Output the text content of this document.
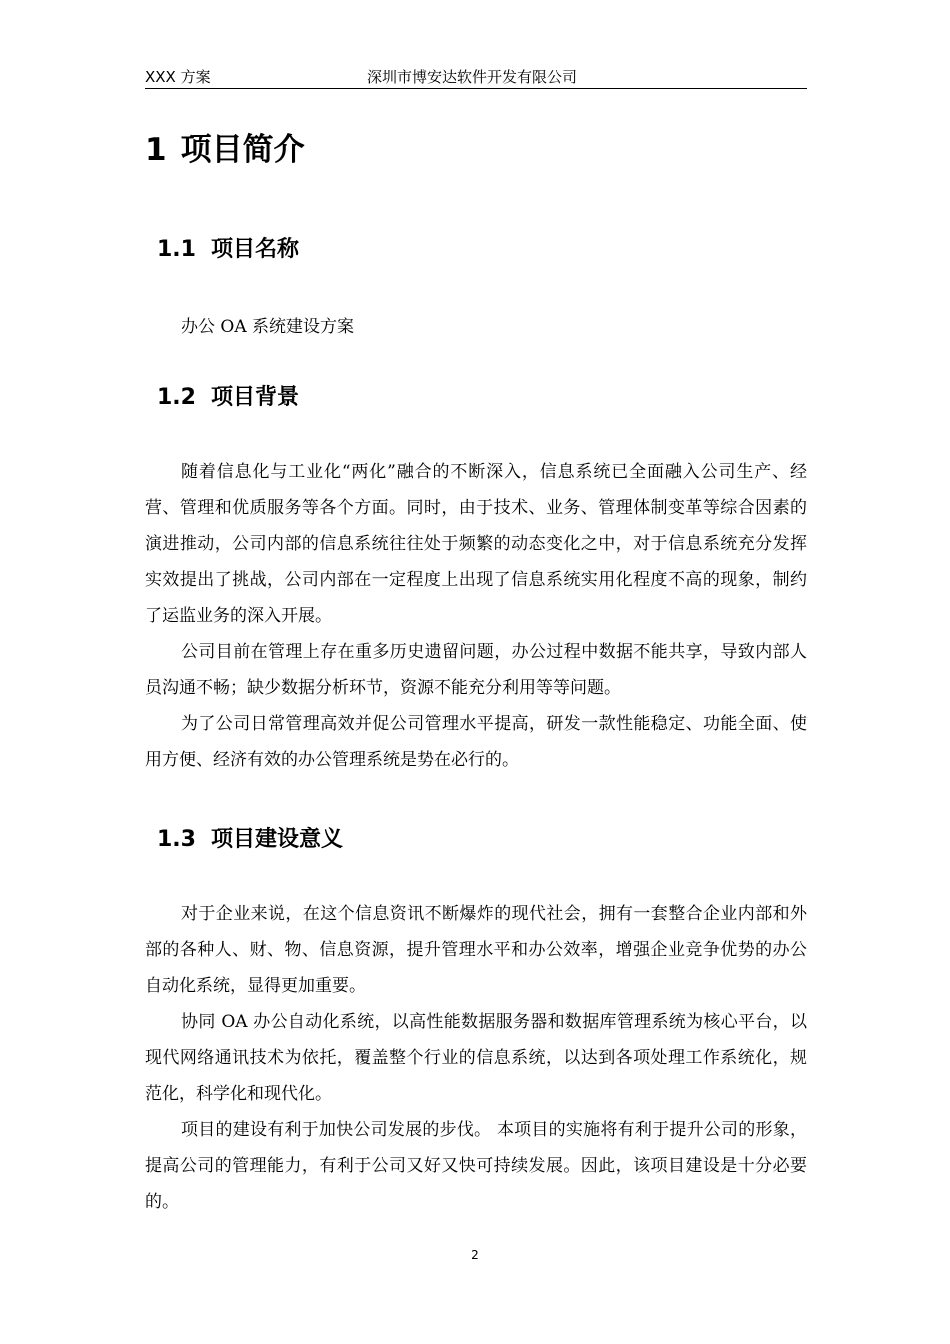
XXX 方案	深圳市博安达软件开发有限公司
1 项目简介
1.1 项目名称

办公 OA 系统建设方案

1.2 项目背景

随着信息化与工业化“两化”融合的不断深入，信息系统已全面融入公司生产、经营、管理和优质服务等各个方面。同时，由于技术、业务、管理体制变革等综合因素的演进推动，公司内部的信息系统往往处于频繁的动态变化之中，对于信息系统充分发挥实效提出了挑战，公司内部在一定程度上出现了信息系统实用化程度不高的现象，制约了运监业务的深入开展。

公司目前在管理上存在重多历史遗留问题，办公过程中数据不能共享，导致内部人员沟通不畅；缺少数据分析环节，资源不能充分利用等等问题。

为了公司日常管理高效并促公司管理水平提高，研发一款性能稳定、功能全面、使用方便、经济有效的办公管理系统是势在必行的。

1.3 项目建设意义

对于企业来说，在这个信息资讯不断爆炸的现代社会，拥有一套整合企业内部和外部的各种人、财、物、信息资源，提升管理水平和办公效率，增强企业竞争优势的办公自动化系统，显得更加重要。

协同 OA 办公自动化系统，以高性能数据服务器和数据库管理系统为核心平台，以现代网络通讯技术为依托，覆盖整个行业的信息系统，以达到各项处理工作系统化，规范化，科学化和现代化。

项目的建设有利于加快公司发展的步伐。 本项目的实施将有利于提升公司的形象，提高公司的管理能力，有利于公司又好又快可持续发展。因此，该项目建设是十分必要的。

2
